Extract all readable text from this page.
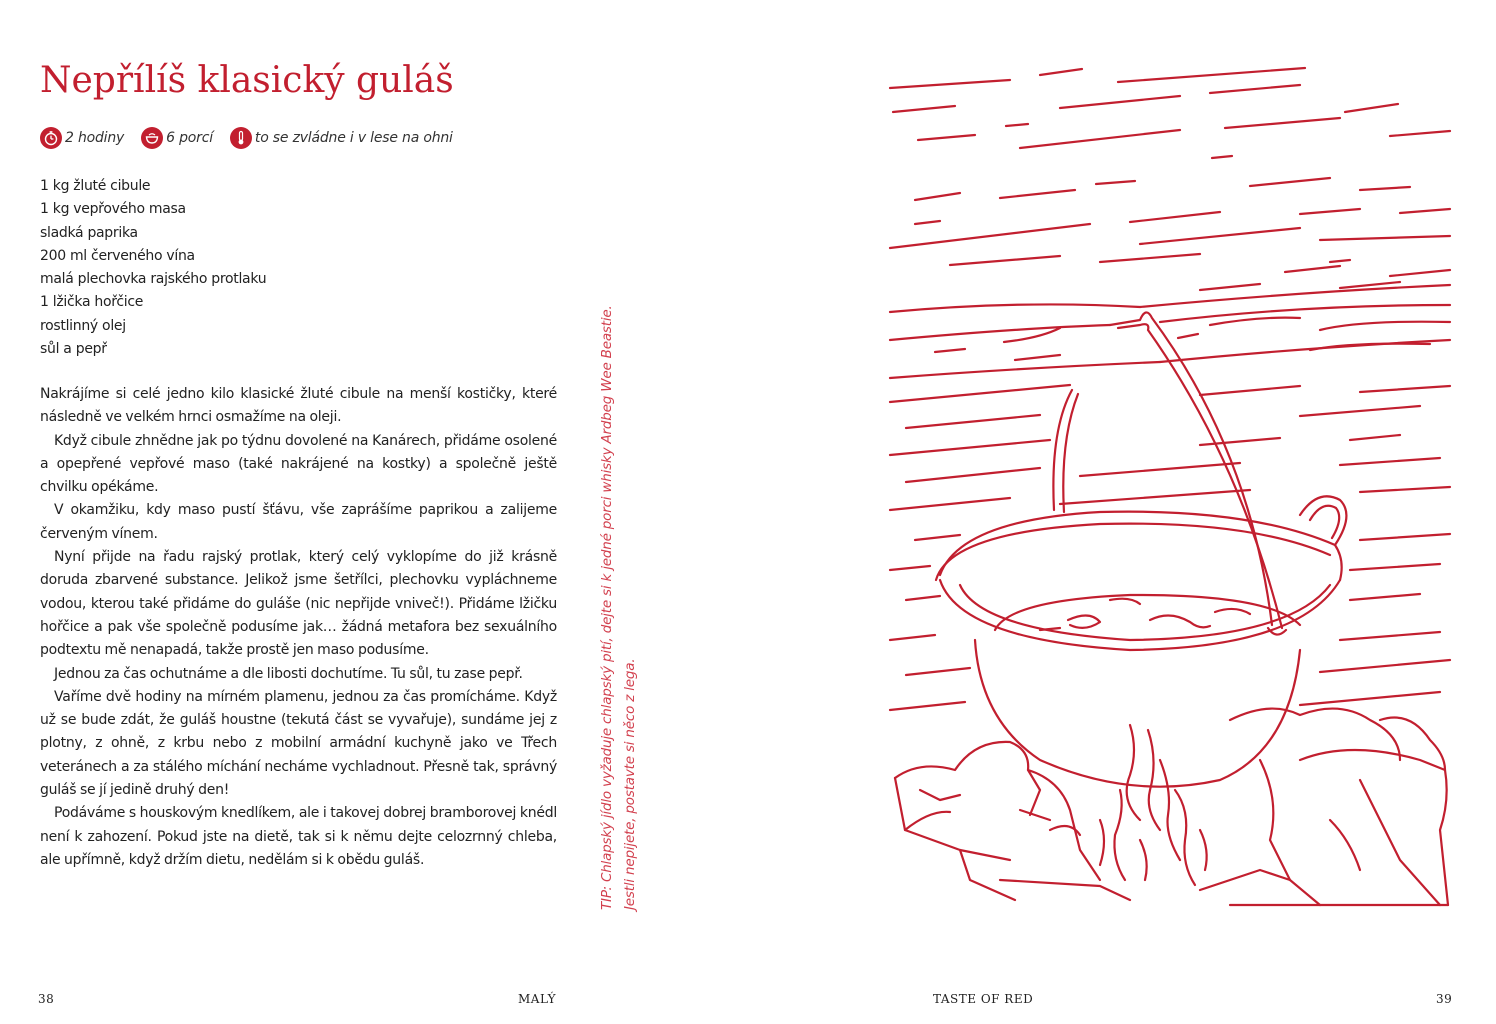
Nepřílíš klasický guláš
2 hodiny	6 porcí	to se zvládne i v lese na ohni
1 kg žluté cibule
1 kg vepřového masa
sladká paprika
200 ml červeného vína
malá plechovka rajského protlaku
1 lžička hořčice
rostlinný olej
sůl a pepř

Nakrájíme si celé jedno kilo klasické žluté cibule na menší kostičky, které následně ve velkém hrnci osmažíme na oleji.

Když cibule zhnědne jak po týdnu dovolené na Kanárech, přidáme osolené a opepřené vepřové maso (také nakrájené na kostky) a společně ještě chvilku opékáme.

V okamžiku, kdy maso pustí šťávu, vše zaprášíme paprikou a zalijeme červeným vínem.

Nyní přijde na řadu rajský protlak, který celý vyklopíme do již krásně doruda zbarvené substance. Jelikož jsme šetřílci, plechovku vypláchneme vodou, kterou také přidáme do guláše (nic nepřijde vniveč!). Přidáme lžičku hořčice a pak vše společně podusíme jak… žádná metafora bez sexuálního podtextu mě nenapadá, takže prostě jen maso podusíme.

Jednou za čas ochutnáme a dle libosti dochutíme. Tu sůl, tu zase pepř.

Vaříme dvě hodiny na mírném plamenu, jednou za čas promícháme. Když už se bude zdát, že guláš houstne (tekutá část se vyvařuje), sundáme jej z plotny, z ohně, z krbu nebo z mobilní armádní kuchyně jako ve Třech veteránech a za stálého míchání necháme vychladnout. Přesně tak, správný guláš se jí jedině druhý den!

Podáváme s houskovým knedlíkem, ale i takovej dobrej bramborovej knédl není k zahození. Pokud jste na dietě, tak si k němu dejte celozrnný chleba, ale upřímně, když držím dietu, nedělám si k obědu guláš.	TIP: Chlapský jídlo vyžaduje chlapský pití, dejte si k jedné porci whisky Ardbeg Wee Beastie. Jestli nepijete, postavte si něco z lega.
38	MALÝ	TASTE OF RED	39
